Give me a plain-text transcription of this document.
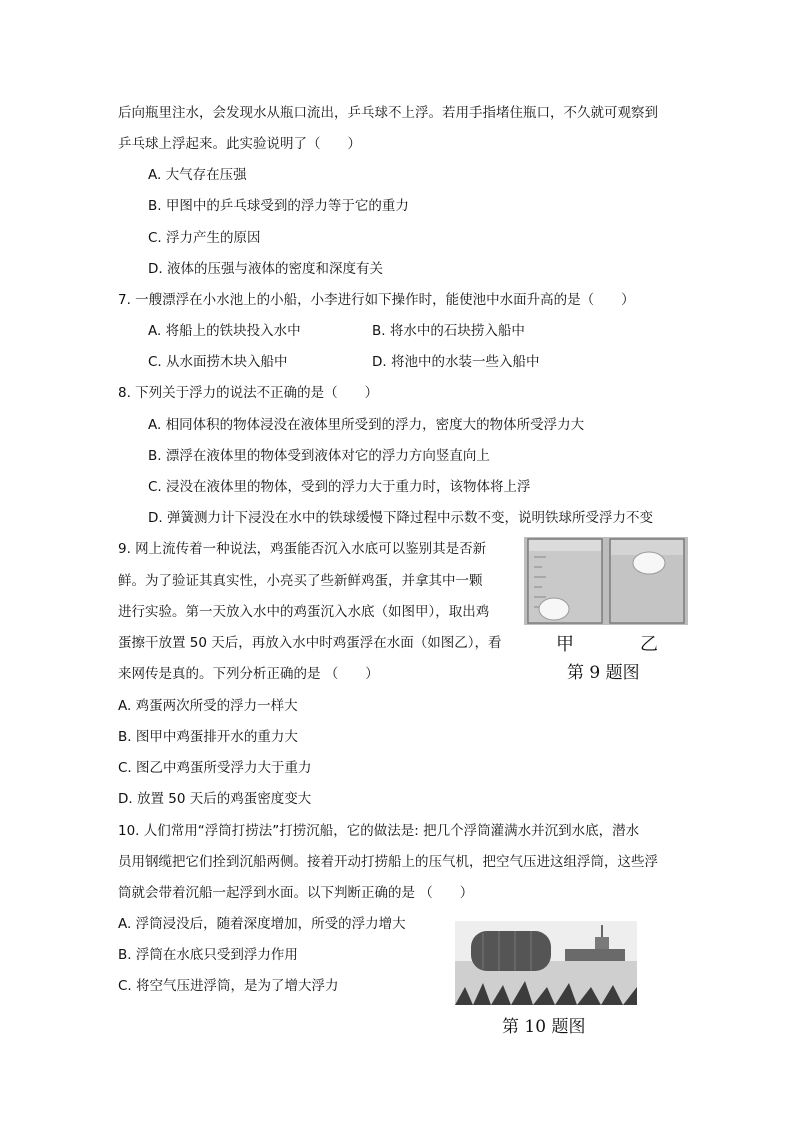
后向瓶里注水，会发现水从瓶口流出，乒乓球不上浮。若用手指堵住瓶口，不久就可观察到
乒乓球上浮起来。此实验说明了（　　）
A. 大气存在压强
B. 甲图中的乒乓球受到的浮力等于它的重力
C. 浮力产生的原因
D. 液体的压强与液体的密度和深度有关
7. 一艘漂浮在小水池上的小船，小李进行如下操作时，能使池中水面升高的是（　　）
A. 将船上的铁块投入水中	B. 将水中的石块捞入船中
C. 从水面捞木块入船中	D. 将池中的水装一些入船中
8. 下列关于浮力的说法不正确的是（　　）
A. 相同体积的物体浸没在液体里所受到的浮力，密度大的物体所受浮力大
B. 漂浮在液体里的物体受到液体对它的浮力方向竖直向上
C. 浸没在液体里的物体，受到的浮力大于重力时，该物体将上浮
D. 弹簧测力计下浸没在水中的铁球缓慢下降过程中示数不变，说明铁球所受浮力不变
9. 网上流传着一种说法，鸡蛋能否沉入水底可以鉴别其是否新
鲜。为了验证其真实性，小亮买了些新鲜鸡蛋，并拿其中一颗
进行实验。第一天放入水中的鸡蛋沉入水底（如图甲），取出鸡
蛋擦干放置 50 天后，再放入水中时鸡蛋浮在水面（如图乙），看
来网传是真的。下列分析正确的是 （　　）
A. 鸡蛋两次所受的浮力一样大
B. 图甲中鸡蛋排开水的重力大
C. 图乙中鸡蛋所受浮力大于重力
D. 放置 50 天后的鸡蛋密度变大
甲	乙
第 9 题图
10. 人们常用“浮筒打捞法”打捞沉船，它的做法是: 把几个浮筒灌满水并沉到水底，潜水
员用钢缆把它们拴到沉船两侧。接着开动打捞船上的压气机，把空气压进这组浮筒，这些浮
筒就会带着沉船一起浮到水面。以下判断正确的是 （　　）
A. 浮筒浸没后，随着深度增加，所受的浮力增大
B. 浮筒在水底只受到浮力作用
C. 将空气压进浮筒，是为了增大浮力
第 10 题图
